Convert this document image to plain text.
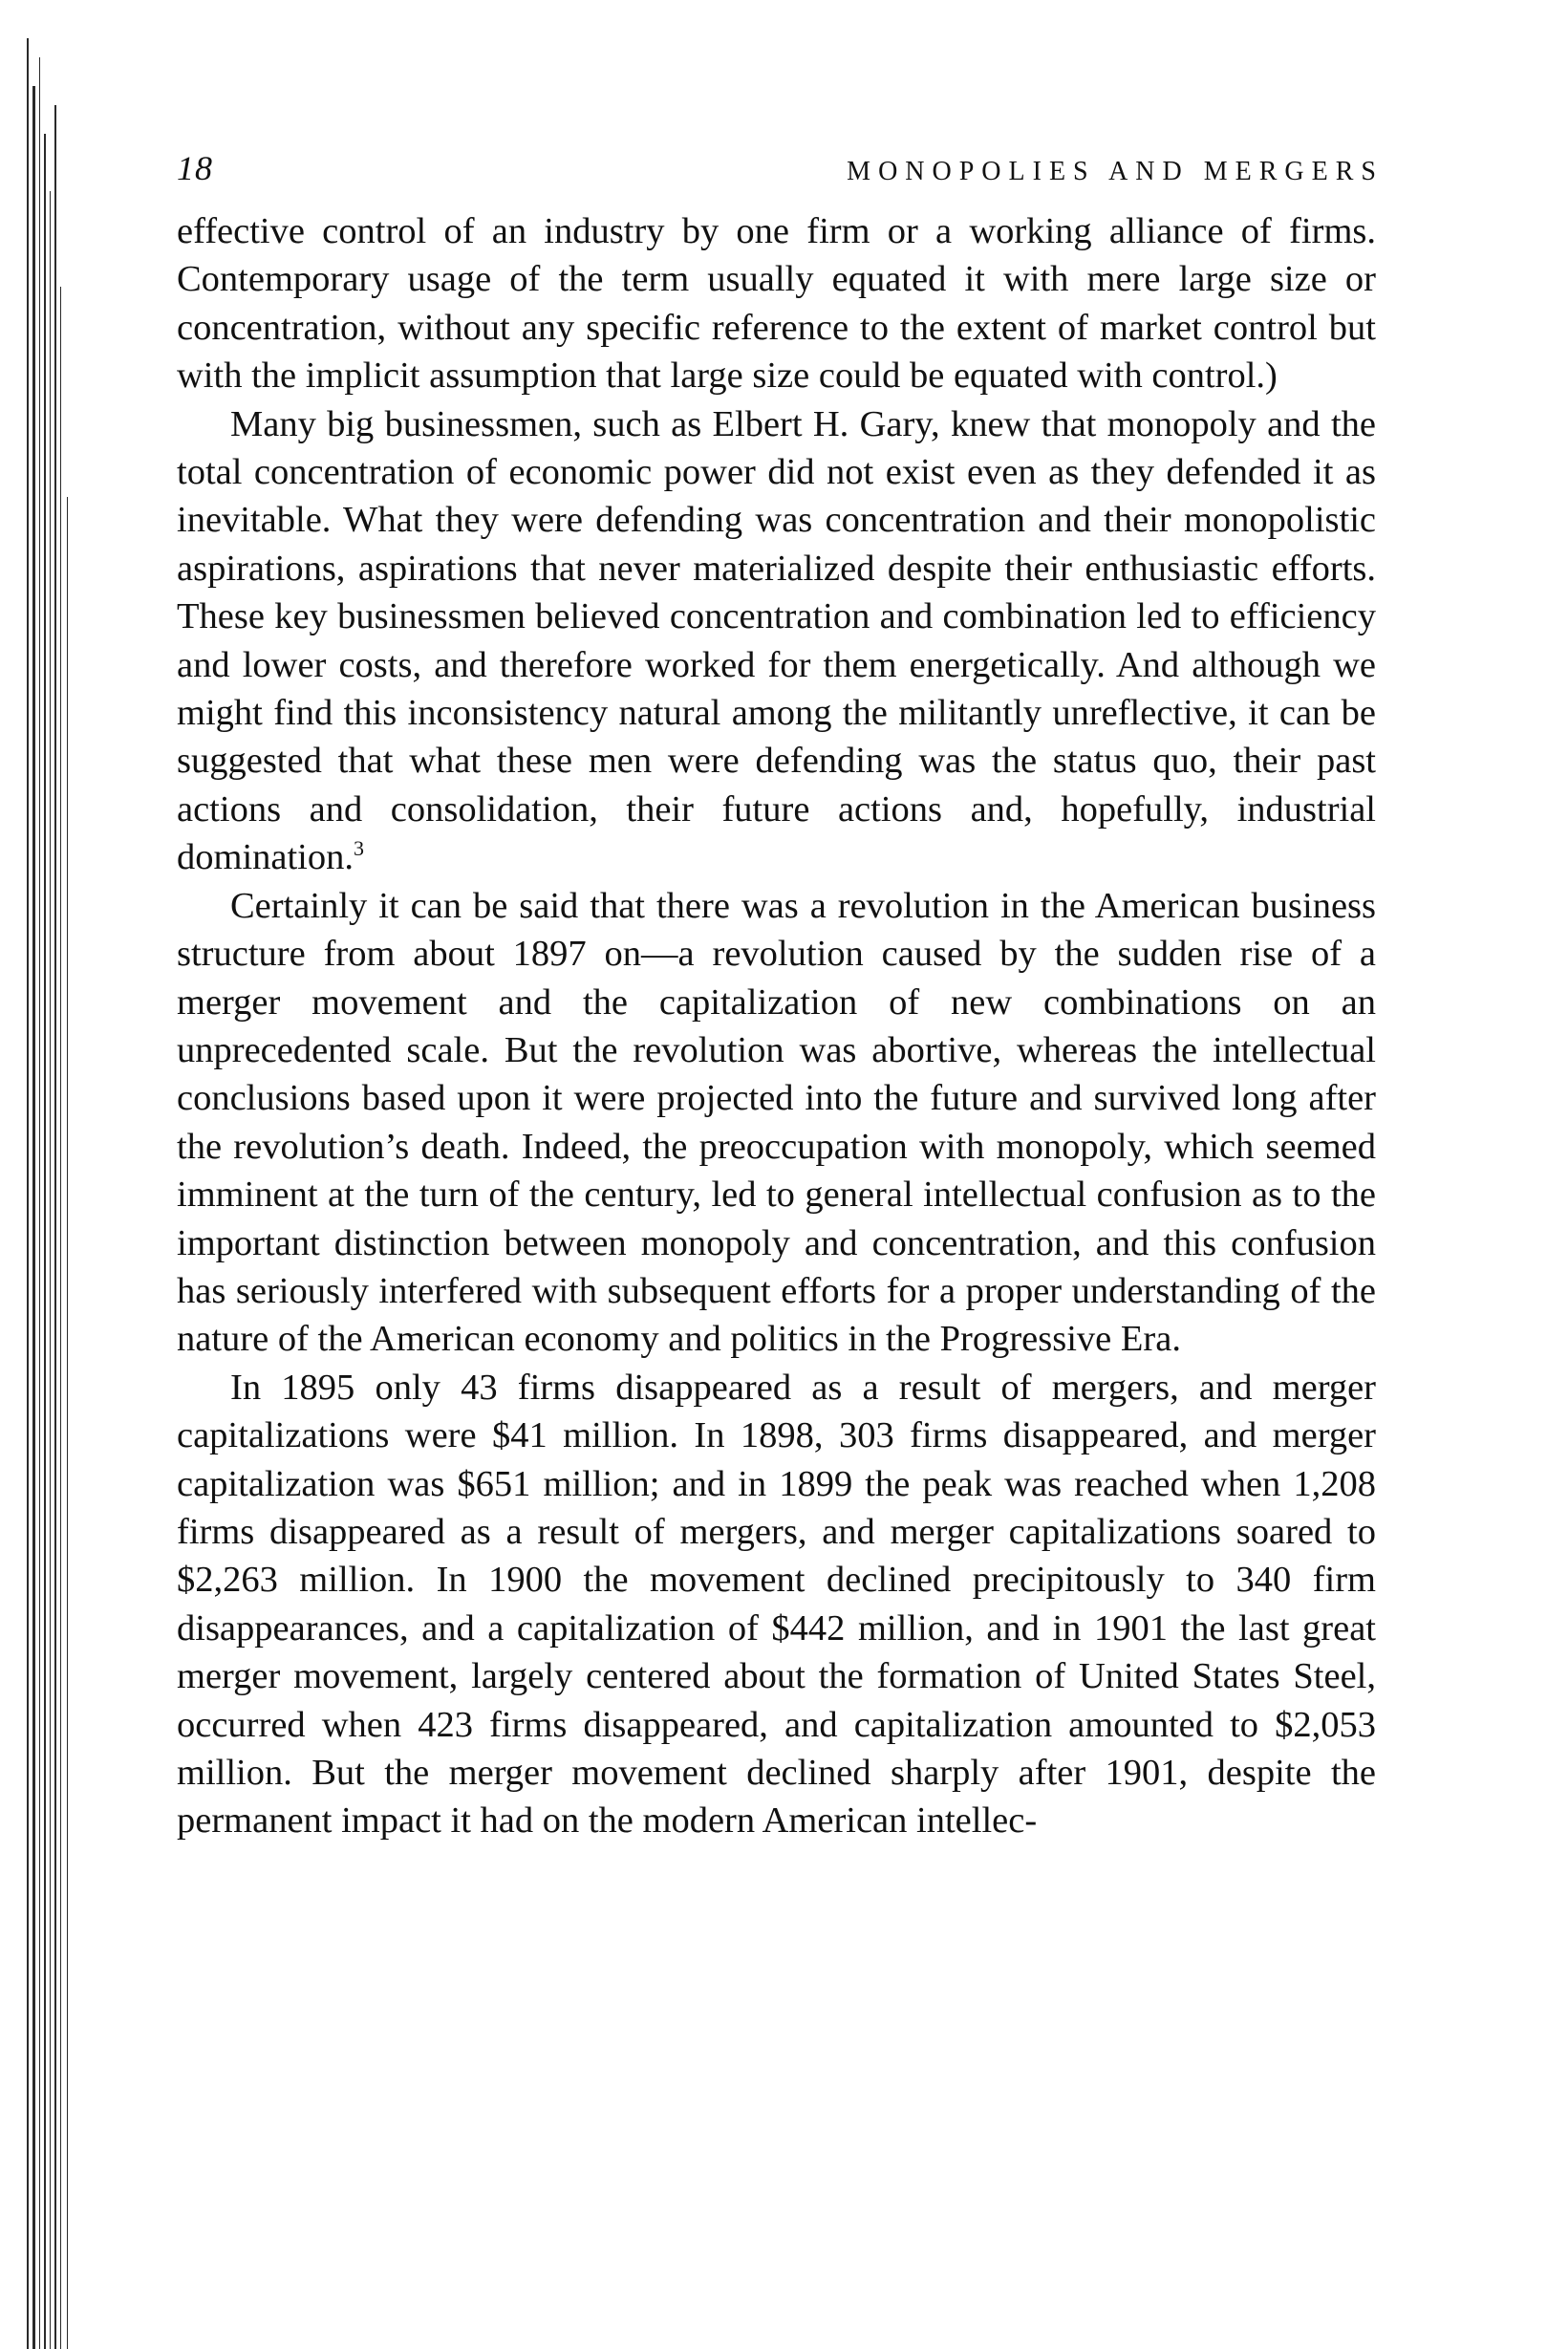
18	MONOPOLIES AND MERGERS

effective control of an industry by one firm or a working alliance of firms. Contemporary usage of the term usually equated it with mere large size or concentration, without any specific reference to the extent of market control but with the implicit assumption that large size could be equated with control.)

Many big businessmen, such as Elbert H. Gary, knew that monopoly and the total concentration of economic power did not exist even as they defended it as inevitable. What they were defending was concentration and their monopolistic aspirations, aspirations that never materialized despite their enthusiastic efforts. These key businessmen believed concentration and combination led to efficiency and lower costs, and therefore worked for them energetically. And although we might find this inconsistency natural among the militantly unreflective, it can be suggested that what these men were defending was the status quo, their past actions and consolidation, their future actions and, hopefully, industrial domination.$^3$

Certainly it can be said that there was a revolution in the American business structure from about 1897 on—a revolution caused by the sudden rise of a merger movement and the capitalization of new combinations on an unprecedented scale. But the revolution was abortive, whereas the intellectual conclusions based upon it were projected into the future and survived long after the revolution’s death. Indeed, the preoccupation with monopoly, which seemed imminent at the turn of the century, led to general intellectual confusion as to the important distinction between monopoly and concentration, and this confusion has seriously interfered with subsequent efforts for a proper understanding of the nature of the American economy and politics in the Progressive Era.

In 1895 only 43 firms disappeared as a result of mergers, and merger capitalizations were $41 million. In 1898, 303 firms disappeared, and merger capitalization was $651 million; and in 1899 the peak was reached when 1,208 firms disappeared as a result of mergers, and merger capitalizations soared to $2,263 million. In 1900 the movement declined precipitously to 340 firm disappearances, and a capitalization of $442 million, and in 1901 the last great merger movement, largely centered about the formation of United States Steel, occurred when 423 firms disappeared, and capitalization amounted to $2,053 million. But the merger movement declined sharply after 1901, despite the permanent impact it had on the modern American intellec-
